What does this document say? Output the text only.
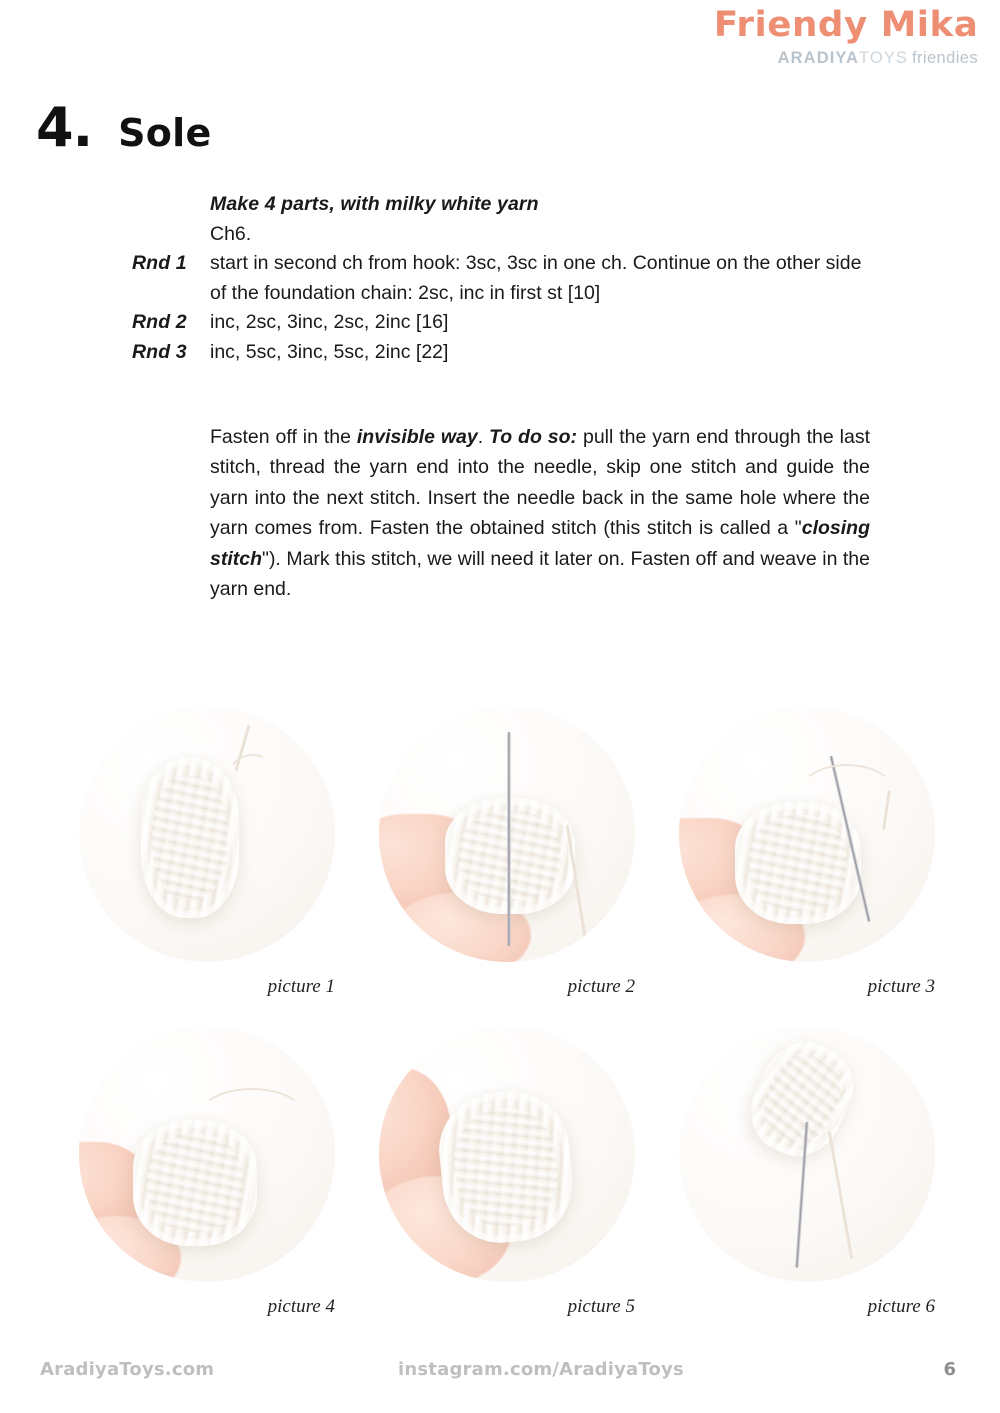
Friendy Mika
ARADIYATOYS friendies
4. Sole
Make 4 parts, with milky white yarn
Ch6.
Rnd 1	start in second ch from hook: 3sc, 3sc in one ch. Continue on the other side of the foundation chain: 2sc, inc in first st [10]
Rnd 2	inc, 2sc, 3inc, 2sc, 2inc [16]
Rnd 3	inc, 5sc, 3inc, 5sc, 2inc [22]

Fasten off in the invisible way. To do so: pull the yarn end through the last stitch, thread the yarn end into the needle, skip one stitch and guide the yarn into the next stitch. Insert the needle back in the same hole where the yarn comes from. Fasten the obtained stitch (this stitch is called a "closing stitch"). Mark this stitch, we will need it later on. Fasten off and weave in the yarn end.

picture 1	picture 2	picture 3
picture 4	picture 5	picture 6
AradiyaToys.com	instagram.com/AradiyaToys	6
